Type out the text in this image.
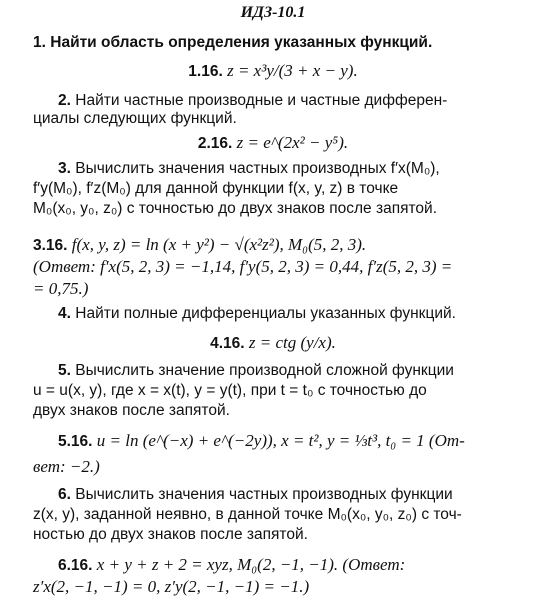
ИДЗ-10.1
1. Найти область определения указанных функций.
1.16. z = x³y/(3 + x − y).
2. Найти частные производные и частные дифферен-
циалы следующих функций.
2.16. z = e^(2x² − y⁵).
3. Вычислить значения частных производных f′x(M₀),
f′y(M₀), f′z(M₀) для данной функции f(x, y, z) в точке
M₀(x₀, y₀, z₀) с точностью до двух знаков после запятой.
3.16. f(x, y, z) = ln (x + y²) − √(x²z²), M₀(5, 2, 3).
(Ответ: f′x(5, 2, 3) = −1,14, f′y(5, 2, 3) = 0,44, f′z(5, 2, 3) =
= 0,75.)
4. Найти полные дифференциалы указанных функций.
4.16. z = ctg (y/x).
5. Вычислить значение производной сложной функции
u = u(x, y), где x = x(t), y = y(t), при t = t₀ с точностью до
двух знаков после запятой.
5.16. u = ln (e^(−x) + e^(−2y)), x = t², y = ⅓t³, t₀ = 1 (От-
вет: −2.)
6. Вычислить значения частных производных функции
z(x, y), заданной неявно, в данной точке M₀(x₀, y₀, z₀) с точ-
ностью до двух знаков после запятой.
6.16. x + y + z + 2 = xyz, M₀(2, −1, −1). (Ответ:
z′x(2, −1, −1) = 0, z′y(2, −1, −1) = −1.)
